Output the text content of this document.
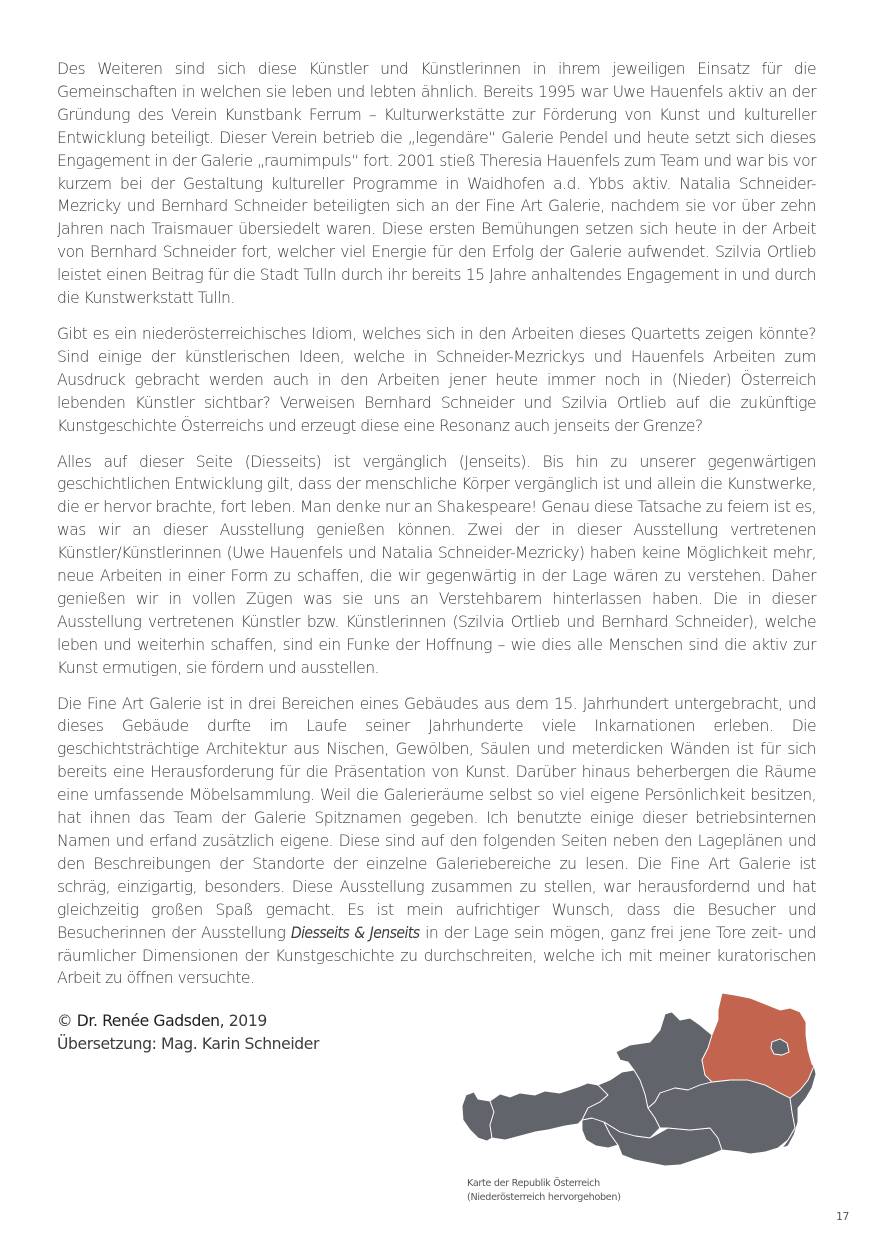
Des Weiteren sind sich diese Künstler und Künstlerinnen in ihrem jeweiligen Einsatz für die Gemeinschaften in welchen sie leben und lebten ähnlich. Bereits 1995 war Uwe Hauenfels aktiv an der Gründung des Verein Kunstbank Ferrum – Kulturwerkstätte zur Förderung von Kunst und kultureller Entwicklung beteiligt. Dieser Verein betrieb die „legendäre“ Galerie Pendel und heute setzt sich dieses Engagement in der Galerie „raumimpuls“ fort. 2001 stieß Theresia Hauenfels zum Team und war bis vor kurzem bei der Gestaltung kultureller Programme in Waidhofen a.d. Ybbs aktiv. Natalia Schneider-Mezricky und Bernhard Schneider beteiligten sich an der Fine Art Galerie, nachdem sie vor über zehn Jahren nach Traismauer übersiedelt waren. Diese ersten Bemühungen setzen sich heute in der Arbeit von Bernhard Schneider fort, welcher viel Energie für den Erfolg der Galerie aufwendet. Szilvia Ortlieb leistet einen Beitrag für die Stadt Tulln durch ihr bereits 15 Jahre anhaltendes Engagement in und durch die Kunstwerkstatt Tulln.

Gibt es ein niederösterreichisches Idiom, welches sich in den Arbeiten dieses Quartetts zeigen könnte? Sind einige der künstlerischen Ideen, welche in Schneider-Mezrickys und Hauenfels Arbeiten zum Ausdruck gebracht werden auch in den Arbeiten jener heute immer noch in (Nieder) Österreich lebenden Künstler sichtbar? Verweisen Bernhard Schneider und Szilvia Ortlieb auf die zukünftige Kunstgeschichte Österreichs und erzeugt diese eine Resonanz auch jenseits der Grenze?

Alles auf dieser Seite (Diesseits) ist vergänglich (Jenseits). Bis hin zu unserer gegenwärtigen geschichtlichen Entwicklung gilt, dass der menschliche Körper vergänglich ist und allein die Kunstwerke, die er hervor brachte, fort leben. Man denke nur an Shakespeare! Genau diese Tatsache zu feiern ist es, was wir an dieser Ausstellung genießen können. Zwei der in dieser Ausstellung vertretenen Künstler/Künstlerinnen (Uwe Hauenfels und Natalia Schneider-Mezricky) haben keine Möglichkeit mehr, neue Arbeiten in einer Form zu schaffen, die wir gegenwärtig in der Lage wären zu verstehen. Daher genießen wir in vollen Zügen was sie uns an Verstehbarem hinterlassen haben. Die in dieser Ausstellung vertretenen Künstler bzw. Künstlerinnen (Szilvia Ortlieb und Bernhard Schneider), welche leben und weiterhin schaffen, sind ein Funke der Hoffnung – wie dies alle Menschen sind die aktiv zur Kunst ermutigen, sie fördern und ausstellen.

Die Fine Art Galerie ist in drei Bereichen eines Gebäudes aus dem 15. Jahrhundert untergebracht, und dieses Gebäude durfte im Laufe seiner Jahrhunderte viele Inkarnationen erleben. Die geschichtsträchtige Architektur aus Nischen, Gewölben, Säulen und meterdicken Wänden ist für sich bereits eine Herausforderung für die Präsentation von Kunst. Darüber hinaus beherbergen die Räume eine umfassende Möbelsammlung. Weil die Galerieräume selbst so viel eigene Persönlichkeit besitzen, hat ihnen das Team der Galerie Spitznamen gegeben. Ich benutzte einige dieser betriebsinternen Namen und erfand zusätzlich eigene. Diese sind auf den folgenden Seiten neben den Lageplänen und den Beschreibungen der Standorte der einzelne Galeriebereiche zu lesen. Die Fine Art Galerie ist schräg, einzigartig, besonders. Diese Ausstellung zusammen zu stellen, war herausfordernd und hat gleichzeitig großen Spaß gemacht. Es ist mein aufrichtiger Wunsch, dass die Besucher und Besucherinnen der Ausstellung Diesseits & Jenseits in der Lage sein mögen, ganz frei jene Tore zeit- und räumlicher Dimensionen der Kunstgeschichte zu durchschreiten, welche ich mit meiner kuratorischen Arbeit zu öffnen versuchte.

© Dr. Renée Gadsden, 2019
Übersetzung: Mag. Karin Schneider
Karte der Republik Österreich
(Niederösterreich hervorgehoben)
17
